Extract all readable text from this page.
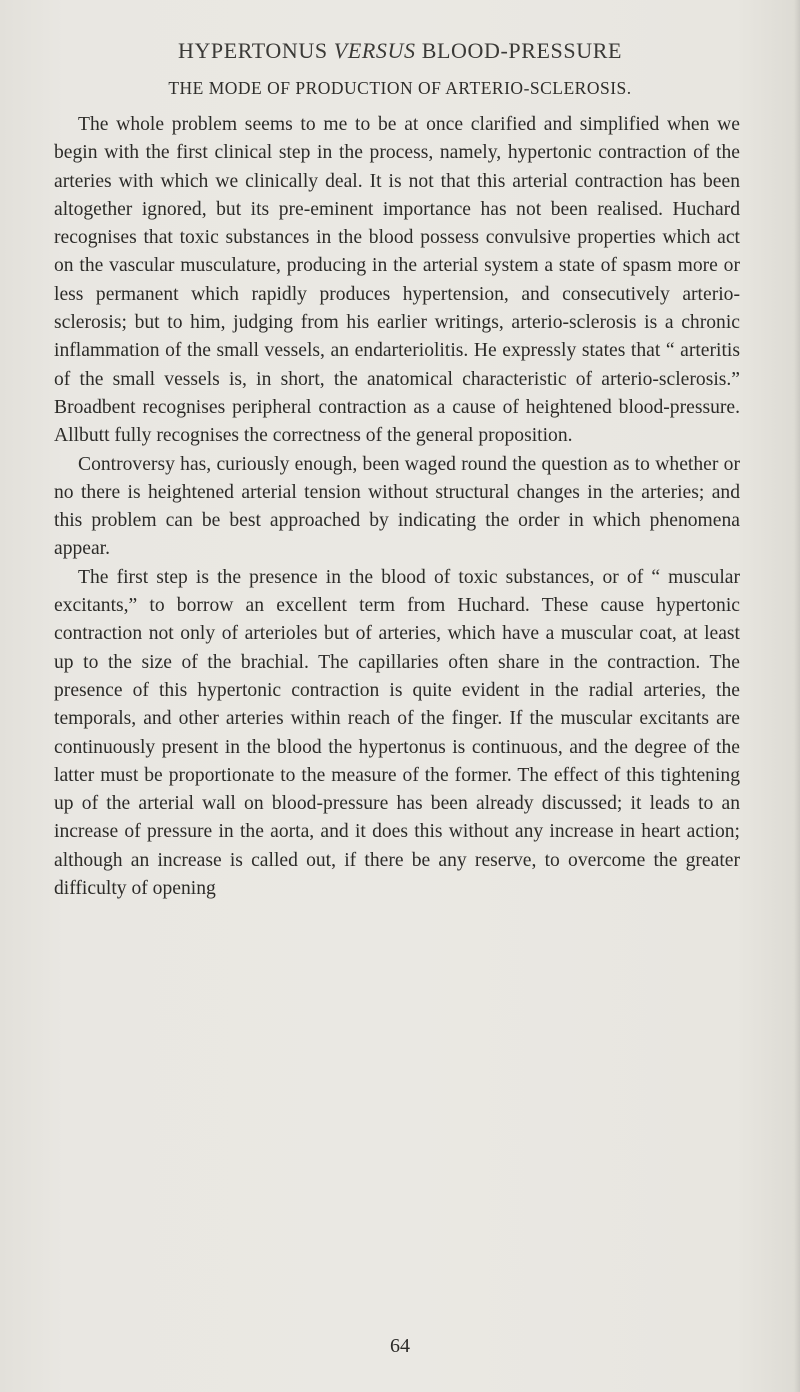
HYPERTONUS VERSUS BLOOD-PRESSURE
THE MODE OF PRODUCTION OF ARTERIO-SCLEROSIS.

The whole problem seems to me to be at once clarified and simplified when we begin with the first clinical step in the process, namely, hypertonic contraction of the arteries with which we clinically deal. It is not that this arterial contraction has been altogether ignored, but its pre-eminent importance has not been realised. Huchard recognises that toxic substances in the blood possess convulsive properties which act on the vascular musculature, producing in the arterial system a state of spasm more or less permanent which rapidly produces hypertension, and consecutively arterio-sclerosis; but to him, judging from his earlier writings, arterio-sclerosis is a chronic inflammation of the small vessels, an endarteriolitis. He expressly states that “ arteritis of the small vessels is, in short, the anatomical characteristic of arterio-sclerosis.” Broadbent recognises peripheral contraction as a cause of heightened blood-pressure. Allbutt fully recognises the correctness of the general proposition.

Controversy has, curiously enough, been waged round the question as to whether or no there is heightened arterial tension without structural changes in the arteries; and this problem can be best approached by indicating the order in which phenomena appear.

The first step is the presence in the blood of toxic substances, or of “ muscular excitants,” to borrow an excellent term from Huchard. These cause hypertonic contraction not only of arterioles but of arteries, which have a muscular coat, at least up to the size of the brachial. The capillaries often share in the contraction. The presence of this hypertonic contraction is quite evident in the radial arteries, the temporals, and other arteries within reach of the finger. If the muscular excitants are continuously present in the blood the hypertonus is continuous, and the degree of the latter must be proportionate to the measure of the former. The effect of this tightening up of the arterial wall on blood-pressure has been already discussed; it leads to an increase of pressure in the aorta, and it does this without any increase in heart action; although an increase is called out, if there be any reserve, to overcome the greater difficulty of opening

64
